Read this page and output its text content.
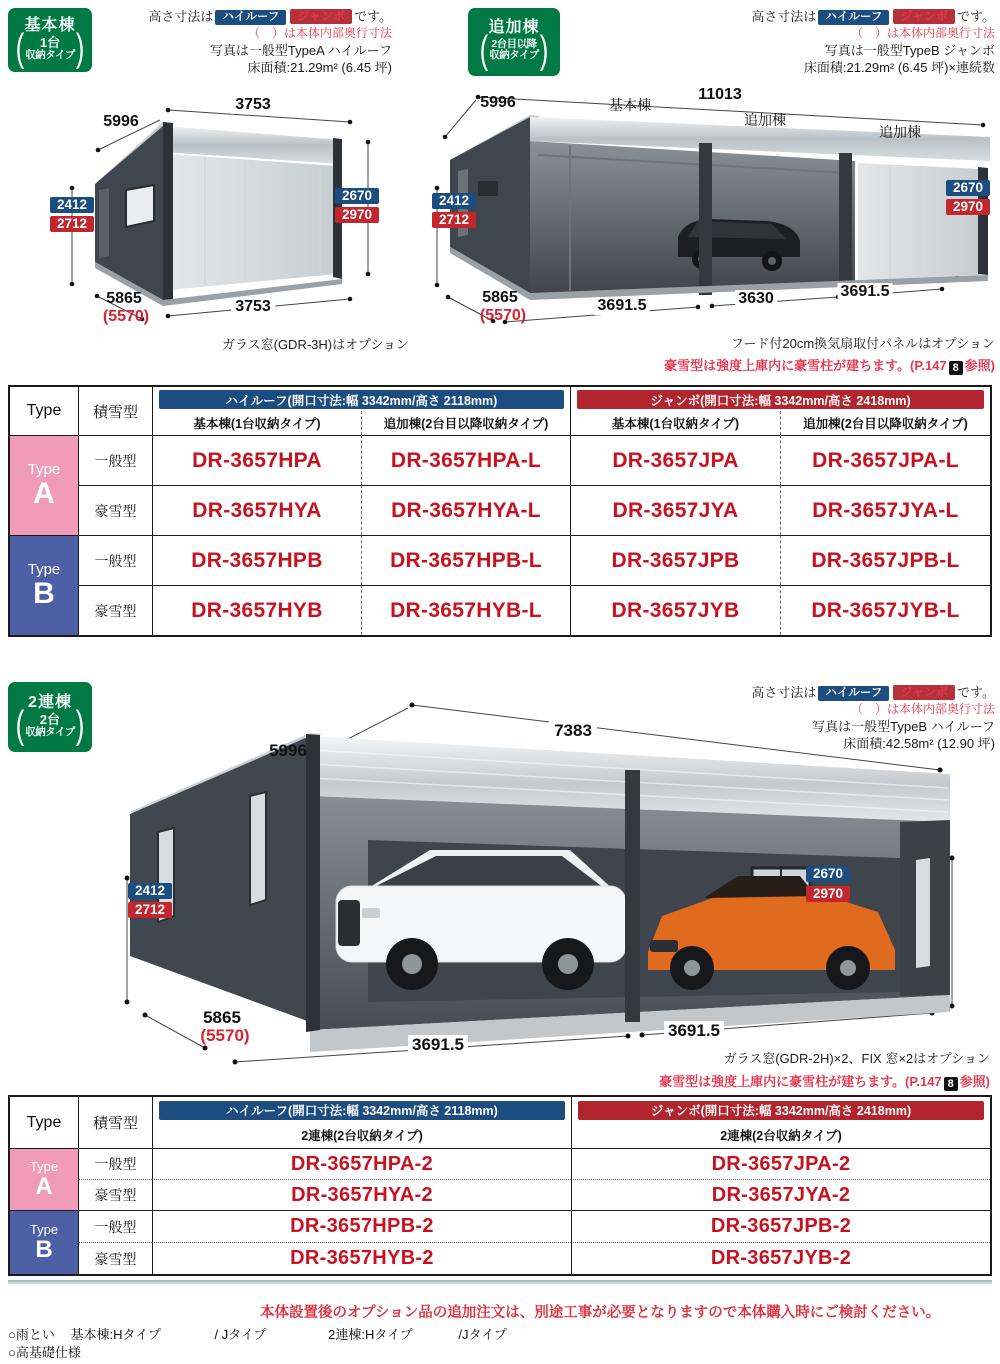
基本棟
(	1台
収納タイプ )
高さ寸法は ハイルーフ ジャンボ です。
（　）は本体内部奥行寸法
写真は一般型TypeA ハイルーフ
床面積:21.29m² (6.45 坪)
3753
5996
2412
2712
2670
2970
5865
(5570)
3753
ガラス窓(GDR-3H)はオプション
追加棟
( 2台目以降
収納タイプ )
高さ寸法は ハイルーフ ジャンボ です。
（　）は本体内部奥行寸法
写真は一般型TypeB ジャンボ
床面積:21.29m² (6.45 坪)×連続数
11013
5996	基本棟
追加棟
追加棟
2412
2712
2670
2970
5865
(5570)
3691.5	3630	3691.5
フード付20cm換気扇取付パネルはオプション
豪雪型は強度上庫内に豪雪柱が建ちます。(P.147 8 参照)
Type	積雪型
ハイルーフ(開口寸法:幅 3342mm/高さ 2118mm)	ジャンボ(開口寸法:幅 3342mm/高さ 2418mm)
基本棟(1台収納タイプ)	追加棟(2台目以降収納タイプ)	基本棟(1台収納タイプ)	追加棟(2台目以降収納タイプ)
Type
A
一般型	DR-3657HPA	DR-3657HPA-L	DR-3657JPA	DR-3657JPA-L
豪雪型	DR-3657HYA	DR-3657HYA-L	DR-3657JYA	DR-3657JYA-L
Type
B
一般型	DR-3657HPB	DR-3657HPB-L	DR-3657JPB	DR-3657JPB-L
豪雪型	DR-3657HYB	DR-3657HYB-L	DR-3657JYB	DR-3657JYB-L
2連棟
(	2台
収納タイプ )
高さ寸法は ハイルーフ ジャンボ です。
（　）は本体内部奥行寸法
写真は一般型TypeB ハイルーフ
床面積:42.58m² (12.90 坪)
7383
5996
2412
2712
2670
2970
5865
(5570)	3691.5
3691.5
ガラス窓(GDR-2H)×2、FIX 窓×2はオプション
豪雪型は強度上庫内に豪雪柱が建ちます。(P.147 8 参照)
Type	積雪型
ハイルーフ(開口寸法:幅 3342mm/高さ 2118mm)	ジャンボ(開口寸法:幅 3342mm/高さ 2418mm)
2連棟(2台収納タイプ)	2連棟(2台収納タイプ)
Type
A
一般型	DR-3657HPA-2	DR-3657JPA-2
豪雪型	DR-3657HYA-2	DR-3657JYA-2
Type
B
一般型	DR-3657HPB-2	DR-3657JPB-2
豪雪型	DR-3657HYB-2	DR-3657JYB-2
本体設置後のオプション品の追加注文は、別途工事が必要となりますので本体購入時にご検討ください。
○雨とい 基本棟:Hタイプ	/ Jタイプ	2連棟:Hタイプ	/Jタイプ
○高基礎仕様
